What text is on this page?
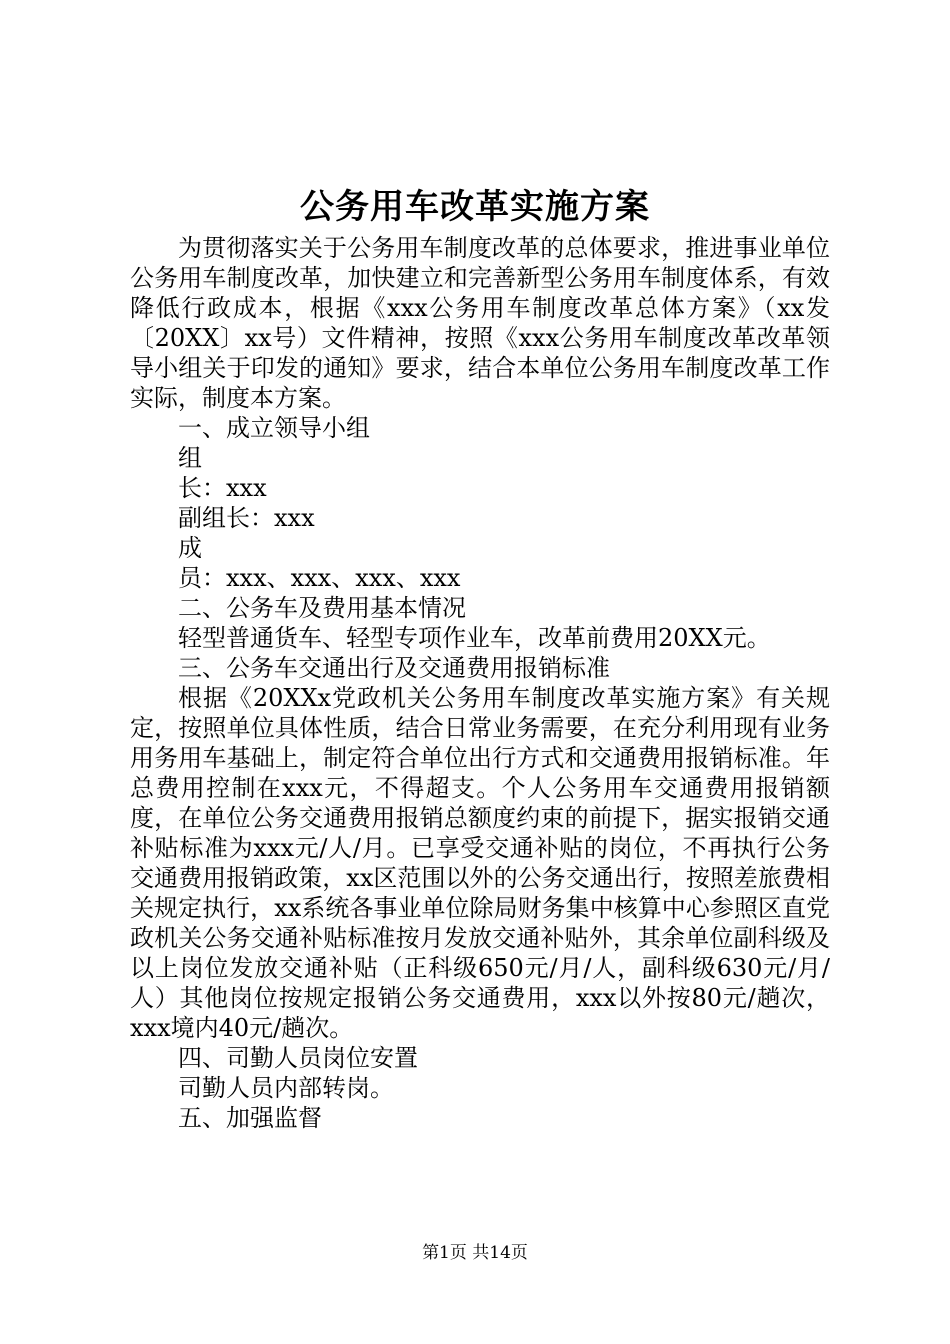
公务用车改革实施方案

为贯彻落实关于公务用车制度改革的总体要求，推进事业单位公务用车制度改革，加快建立和完善新型公务用车制度体系，有效降低行政成本，根据《xxx公务用车制度改革总体方案》（xx发〔20XX〕xx号）文件精神，按照《xxx公务用车制度改革改革领导小组关于印发的通知》要求，结合本单位公务用车制度改革工作实际，制度本方案。

一、成立领导小组

组

长：xxx

副组长：xxx

成

员：xxx、xxx、xxx、xxx

二、公务车及费用基本情况

轻型普通货车、轻型专项作业车，改革前费用20XX元。

三、公务车交通出行及交通费用报销标准

根据《20XXx党政机关公务用车制度改革实施方案》有关规定，按照单位具体性质，结合日常业务需要，在充分利用现有业务用务用车基础上，制定符合单位出行方式和交通费用报销标准。年总费用控制在xxx元，不得超支。个人公务用车交通费用报销额度，在单位公务交通费用报销总额度约束的前提下，据实报销交通补贴标准为xxx元/人/月。已享受交通补贴的岗位，不再执行公务交通费用报销政策，xx区范围以外的公务交通出行，按照差旅费相关规定执行，xx系统各事业单位除局财务集中核算中心参照区直党政机关公务交通补贴标准按月发放交通补贴外，其余单位副科级及以上岗位发放交通补贴（正科级650元/月/人，副科级630元/月/人）其他岗位按规定报销公务交通费用，xxx以外按80元/趟次，xxx境内40元/趟次。

四、司勤人员岗位安置

司勤人员内部转岗。

五、加强监督

第1页 共14页
